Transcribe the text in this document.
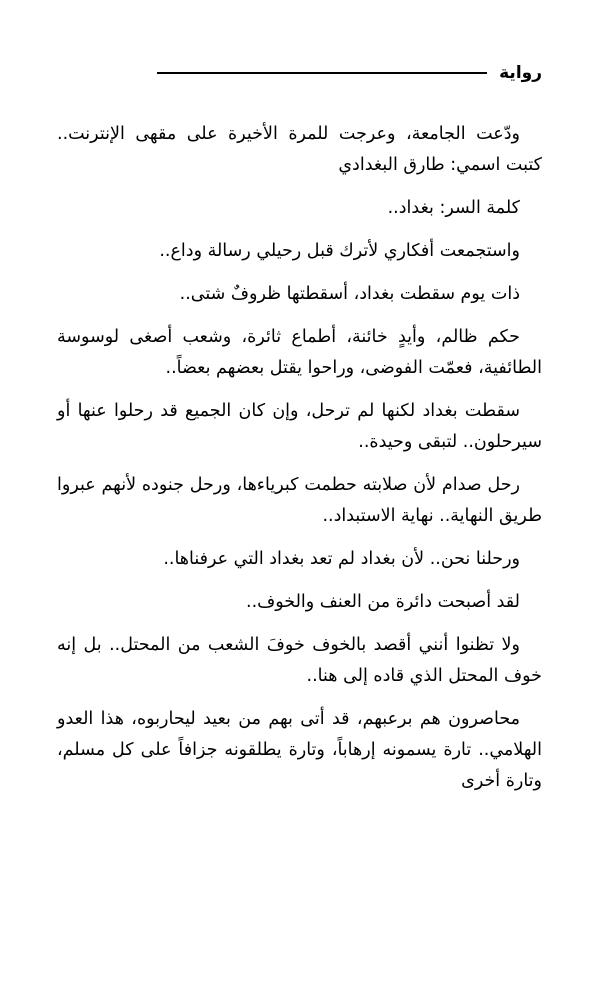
رواية

ودّعت الجامعة، وعرجت للمرة الأخيرة على مقهى الإنترنت.. كتبت اسمي: طارق البغدادي

كلمة السر: بغداد..

واستجمعت أفكاري لأترك قبل رحيلي رسالة وداع..

ذات يوم سقطت بغداد، أسقطتها ظروفٌ شتى..

حكم ظالم، وأيدٍ خائنة، أطماع ثائرة، وشعب أصغى لوسوسة الطائفية، فعمّت الفوضى، وراحوا يقتل بعضهم بعضاً..

سقطت بغداد لكنها لم ترحل، وإن كان الجميع قد رحلوا عنها أو سيرحلون.. لتبقى وحيدة..

رحل صدام لأن صلابته حطمت كبرياءها، ورحل جنوده لأنهم عبروا طريق النهاية.. نهاية الاستبداد..

ورحلنا نحن.. لأن بغداد لم تعد بغداد التي عرفناها..

لقد أصبحت دائرة من العنف والخوف..

ولا تظنوا أنني أقصد بالخوف خوفَ الشعب من المحتل.. بل إنه خوف المحتل الذي قاده إلى هنا..

محاصرون هم برعبهم، قد أتى بهم من بعيد ليحاربوه، هذا العدو الهلامي.. تارة يسمونه إرهاباً، وتارة يطلقونه جزافاً على كل مسلم، وتارة أخرى
